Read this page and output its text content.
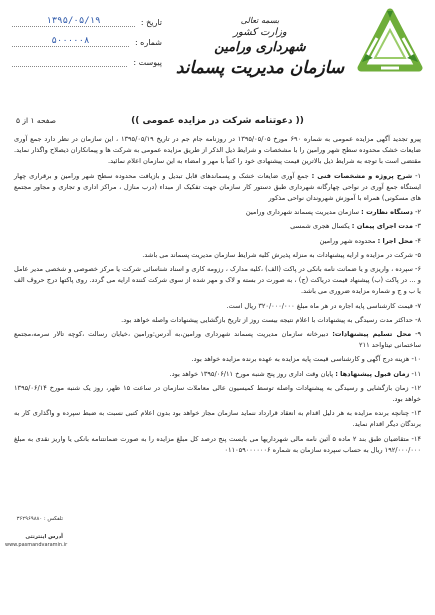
تاریخ :
۱۳۹۵/۰۵/۱۹
شماره :
۵۰۰۰۰۰۸
پیوست :
بسمه تعالی
وزارت کشور
شهرداری ورامین
سازمان مدیریت پسماند
(( دعوتنامه شرکت در مزایده عمومی ))
صفحه ۱ از ۵

پیرو تجدید آگهی مزایده عمومی به شماره ۶۹۰ مورخ ۱۳۹۵/۰۵/۰۵ در روزنامه جام جم در تاریخ ۱۳۹۵/۰۵/۱۹ ، این سازمان در نظر دارد جمع آوری ضایعات خشک محدوده سطح شهر ورامین را با مشخصات و شرایط ذیل الذکر از طریق مزایده عمومی به شرکت ها و پیمانکاران ذیصلاح واگذار نماید. مقتضی است با توجه به شرایط ذیل بالاترین قیمت پیشنهادی خود را کتباً با مهر و امضاء به این سازمان اعلام نمائید.

۱- شرح پروژه و مشخصات فنی : جمع آوری ضایعات خشک و پسماندهای قابل تبدیل و بازیافت محدوده سطح شهر ورامین و برقراری چهار ایستگاه جمع آوری در نواحی چهارگانه شهرداری طبق دستور کار سازمان جهت تفکیک از مبداء (درب منازل ، مراکز اداری و تجاری و مجاور مجتمع های مسکونی) همراه با آموزش شهروندان نواحی مذکور

۲- دستگاه نظارت : سازمان مدیریت پسماند شهرداری ورامین

۳- مدت اجرای پیمان : یکسال هجری شمسی

۴- محل اجرا : محدوده شهر ورامین

۵- شرکت در مزایده و ارایه پیشنهادات به منزله پذیرش کلیه شرایط سازمان مدیریت پسماند می باشد.

۶- سپرده ، واریزی و یا ضمانت نامه بانکی در پاکت (الف) ،کلیه مدارک ، رزومه کاری و اسناد شناسائی شرکت یا مرکز خصوصی و شخصی مدیر عامل و ... در پاکت (ب) پیشنهاد قیمت دریاکت (ج) ، به صورت در بسته و لاک و مهر شده از سوی شرکت کننده ارایه می گردد. روی پاکتها درج حروف الف یا ب و ج و شماره مزایده ضروری می باشد.

۷- قیمت کارشناسی پایه اجاره در هر ماه مبلغ ۳۲۰/۰۰۰/۰۰۰ ریال است.

۸- حداکثر مدت رسیدگی به پیشنهادات با اعلام نتیجه بیست روز از تاریخ بازگشایی پیشنهادات واصله خواهد بود.

۹- محل تسلیم پیشنهادات: دبیرخانه سازمان مدیریت پسماند شهرداری ورامین،به آدرس:ورامین ،خیابان رسالت ،کوچه تالار سرمه،مجتمع ساختمانی تیتاواحد ۲۱۱

۱۰- هزینه درج آگهی و کارشناسی قیمت پایه مزایده به عهده برنده مزایده خواهد بود.

۱۱- زمان قبول پیشنهادها : پایان وقت اداری روز پنج شنبه مورخ ۱۳۹۵/۰۶/۱۱ خواهد بود.

۱۲- زمان بازگشایی و رسیدگی به پیشنهادات واصله توسط کمیسیون عالی معاملات سازمان در ساعت ۱۵ ظهر، روز یک شنبه مورخ ۱۳۹۵/۰۶/۱۴ خواهد بود.

۱۳- چنانچه برنده مزایده به هر دلیل اقدام به انعقاد قرارداد ننماید سازمان مجاز خواهد بود بدون اعلام کتبی نسبت به ضبط سپرده و واگذاری کار به برندگان دیگر اقدام نماید.

۱۴- متقاضیان طبق بند ۲ ماده ۵ آئین نامه مالی شهرداریها می بایست پنج درصد کل مبلغ مزایده را به صورت ضمانتنامه بانکی یا واریز نقدی به مبلغ ۱۹۲/۰۰۰/۰۰۰ ریال به حساب سپرده سازمان به شماره ۰۱۱۰۵۹۰۰۰۰۰۰۶

تلفکس : ۳۶۲۹۶۹۸۸۰
آدرس اینترنتی
www.pasmandvaramin.ir
